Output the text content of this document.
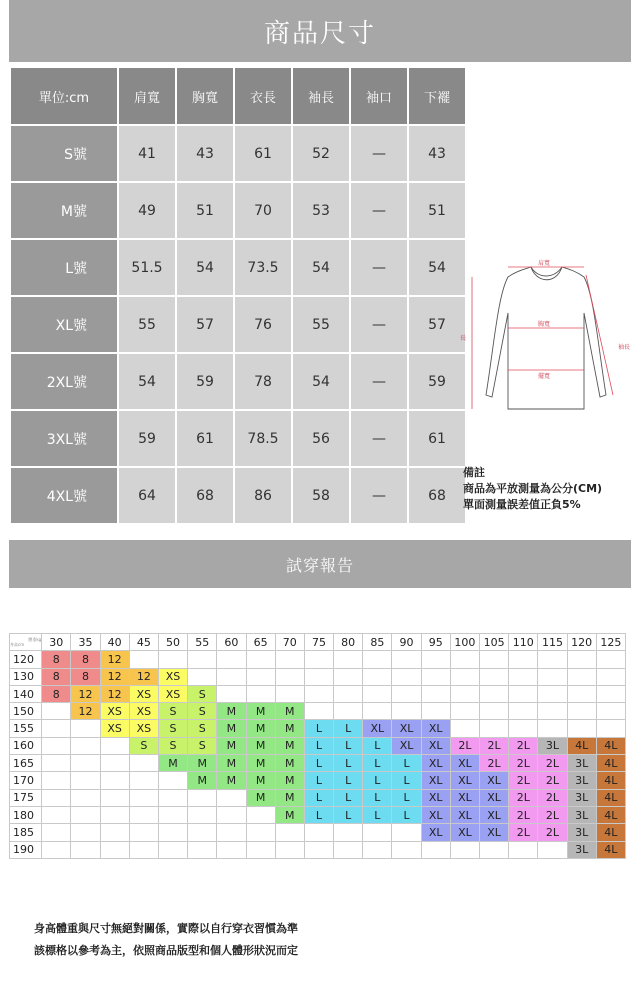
商品尺寸
單位:cm	肩寬	胸寬	衣長	袖長	袖口	下襬
S號	41	43	61	52	—	43
M號	49	51	70	53	—	51
L號	51.5	54	73.5	54	—	54
XL號	55	57	76	55	—	57
2XL號	54	59	78	54	—	59
3XL號	59	61	78.5	56	—	61
4XL號	64	68	86	58	—	68
肩寬
胸寬
擺寬
長
袖長
備註
商品為平放測量為公分(CM)
單面測量誤差值正負5%
試穿報告
體重kg
身高cm	30	35	40	45	50	55	60	65	70	75	80	85	90	95	100	105	110	115	120	125
120	8	8	12																	
130	8	8	12	12	XS															
140	8	12	12	XS	XS	S														
150		12	XS	XS	S	S	M	M	M											
155			XS	XS	S	S	M	M	M	L	L	XL	XL	XL						
160				S	S	S	M	M	M	L	L	L	XL	XL	2L	2L	2L	3L	4L	4L
165					M	M	M	M	M	L	L	L	L	XL	XL	2L	2L	2L	3L	4L
170						M	M	M	M	L	L	L	L	XL	XL	XL	2L	2L	3L	4L
175								M	M	L	L	L	L	XL	XL	XL	2L	2L	3L	4L
180									M	L	L	L	L	XL	XL	XL	2L	2L	3L	4L
185														XL	XL	XL	2L	2L	3L	4L
190																			3L	4L
身高體重與尺寸無絕對關係，實際以自行穿衣習慣為準
該標格以參考為主，依照商品版型和個人體形狀況而定
